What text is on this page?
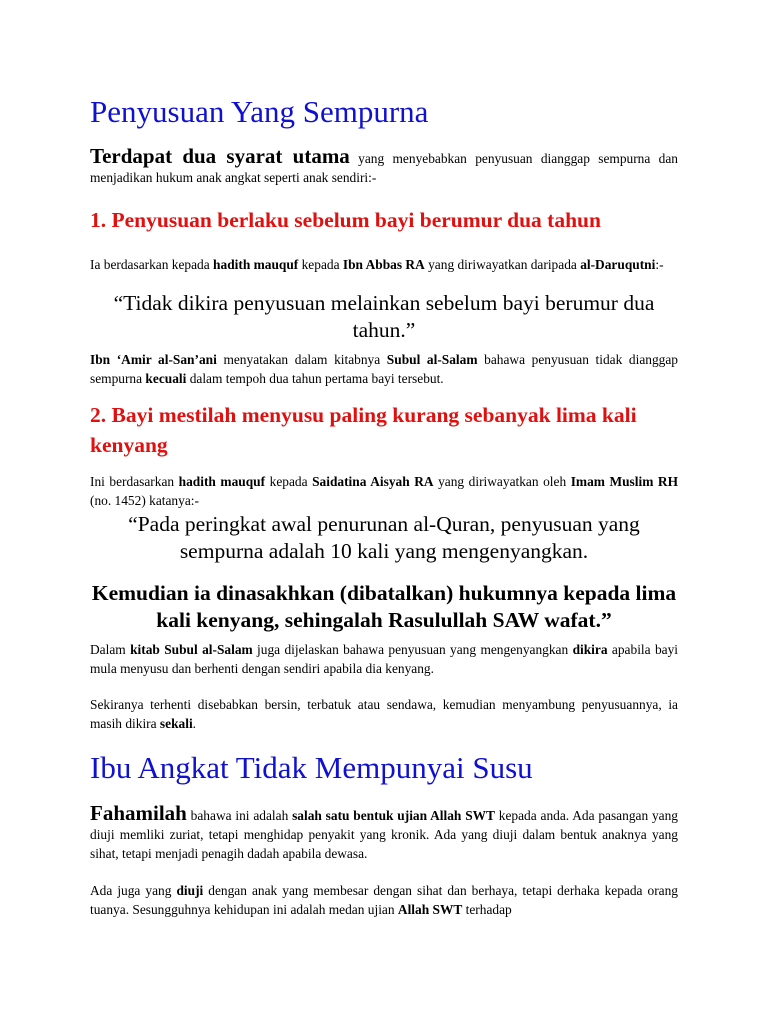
Penyusuan Yang Sempurna

Terdapat dua syarat utama yang menyebabkan penyusuan dianggap sempurna dan menjadikan hukum anak angkat seperti anak sendiri:-

1. Penyusuan berlaku sebelum bayi berumur dua tahun

Ia berdasarkan kepada hadith mauquf kepada Ibn Abbas RA yang diriwayatkan daripada al-Daruqutni:-

“Tidak dikira penyusuan melainkan sebelum bayi berumur dua tahun.”

Ibn ‘Amir al-San’ani menyatakan dalam kitabnya Subul al-Salam bahawa penyusuan tidak dianggap sempurna kecuali dalam tempoh dua tahun pertama bayi tersebut.

2. Bayi mestilah menyusu paling kurang sebanyak lima kali kenyang

Ini berdasarkan hadith mauquf kepada Saidatina Aisyah RA yang diriwayatkan oleh Imam Muslim RH (no. 1452) katanya:-

“Pada peringkat awal penurunan al-Quran, penyusuan yang sempurna adalah 10 kali yang mengenyangkan.

Kemudian ia dinasakhkan (dibatalkan) hukumnya kepada lima kali kenyang, sehingalah Rasulullah SAW wafat.”

Dalam kitab Subul al-Salam juga dijelaskan bahawa penyusuan yang mengenyangkan dikira apabila bayi mula menyusu dan berhenti dengan sendiri apabila dia kenyang.

Sekiranya terhenti disebabkan bersin, terbatuk atau sendawa, kemudian menyambung penyusuannya, ia masih dikira sekali.

Ibu Angkat Tidak Mempunyai Susu

Fahamilah bahawa ini adalah salah satu bentuk ujian Allah SWT kepada anda. Ada pasangan yang diuji memliki zuriat, tetapi menghidap penyakit yang kronik. Ada yang diuji dalam bentuk anaknya yang sihat, tetapi menjadi penagih dadah apabila dewasa.

Ada juga yang diuji dengan anak yang membesar dengan sihat dan berhaya, tetapi derhaka kepada orang tuanya. Sesungguhnya kehidupan ini adalah medan ujian Allah SWT terhadap
